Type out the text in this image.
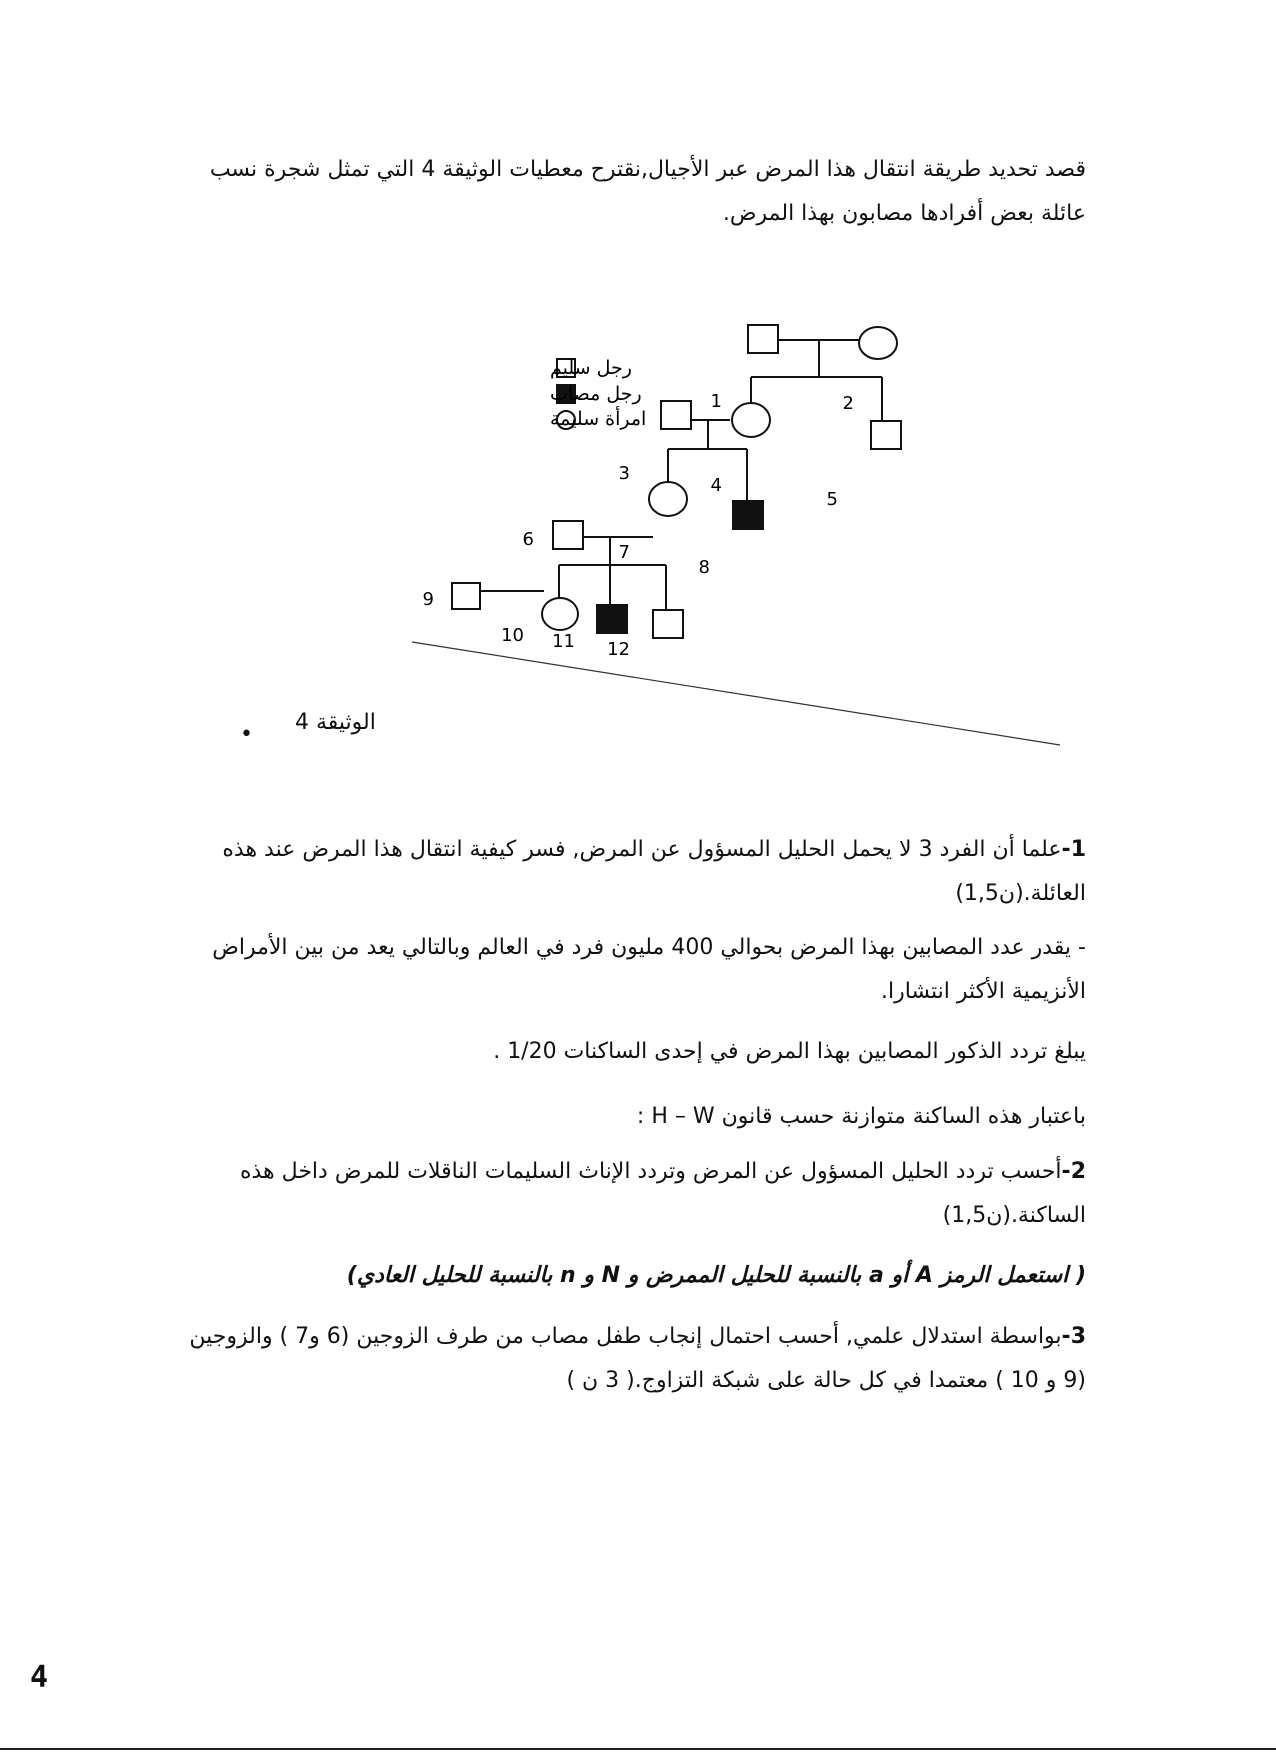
قصد تحديد طريقة انتقال هذا المرض عبر الأجيال,نقترح معطيات الوثيقة 4 التي تمثل شجرة نسب عائلة بعض أفرادها مصابون بهذا المرض.

رجل سليم
رجل مصاب
امرأة سليمة
1	2
3
4
5
6
7
8
9
10 11 12
الوثيقة 4
•

1-علما أن الفرد 3 لا يحمل الحليل المسؤول عن المرض, فسر كيفية انتقال هذا المرض عند هذه العائلة.(ن1,5)

- يقدر عدد المصابين بهذا المرض بحوالي 400 مليون فرد في العالم وبالتالي يعد من بين الأمراض الأنزيمية الأكثر انتشارا.

يبلغ تردد الذكور المصابين بهذا المرض في إحدى الساكنات 1/20 .

باعتبار هذه الساكنة متوازنة حسب قانون H – W :

2-أحسب تردد الحليل المسؤول عن المرض وتردد الإناث السليمات الناقلات للمرض داخل هذه الساكنة.(ن1,5)

( استعمل الرمز A أو a بالنسبة للحليل الممرض و N و n بالنسبة للحليل العادي)

3-بواسطة استدلال علمي, أحسب احتمال إنجاب طفل مصاب من طرف الزوجين (6 و7 ) والزوجين (9 و 10 ) معتمدا في كل حالة على شبكة التزاوج.( 3 ن )

4
